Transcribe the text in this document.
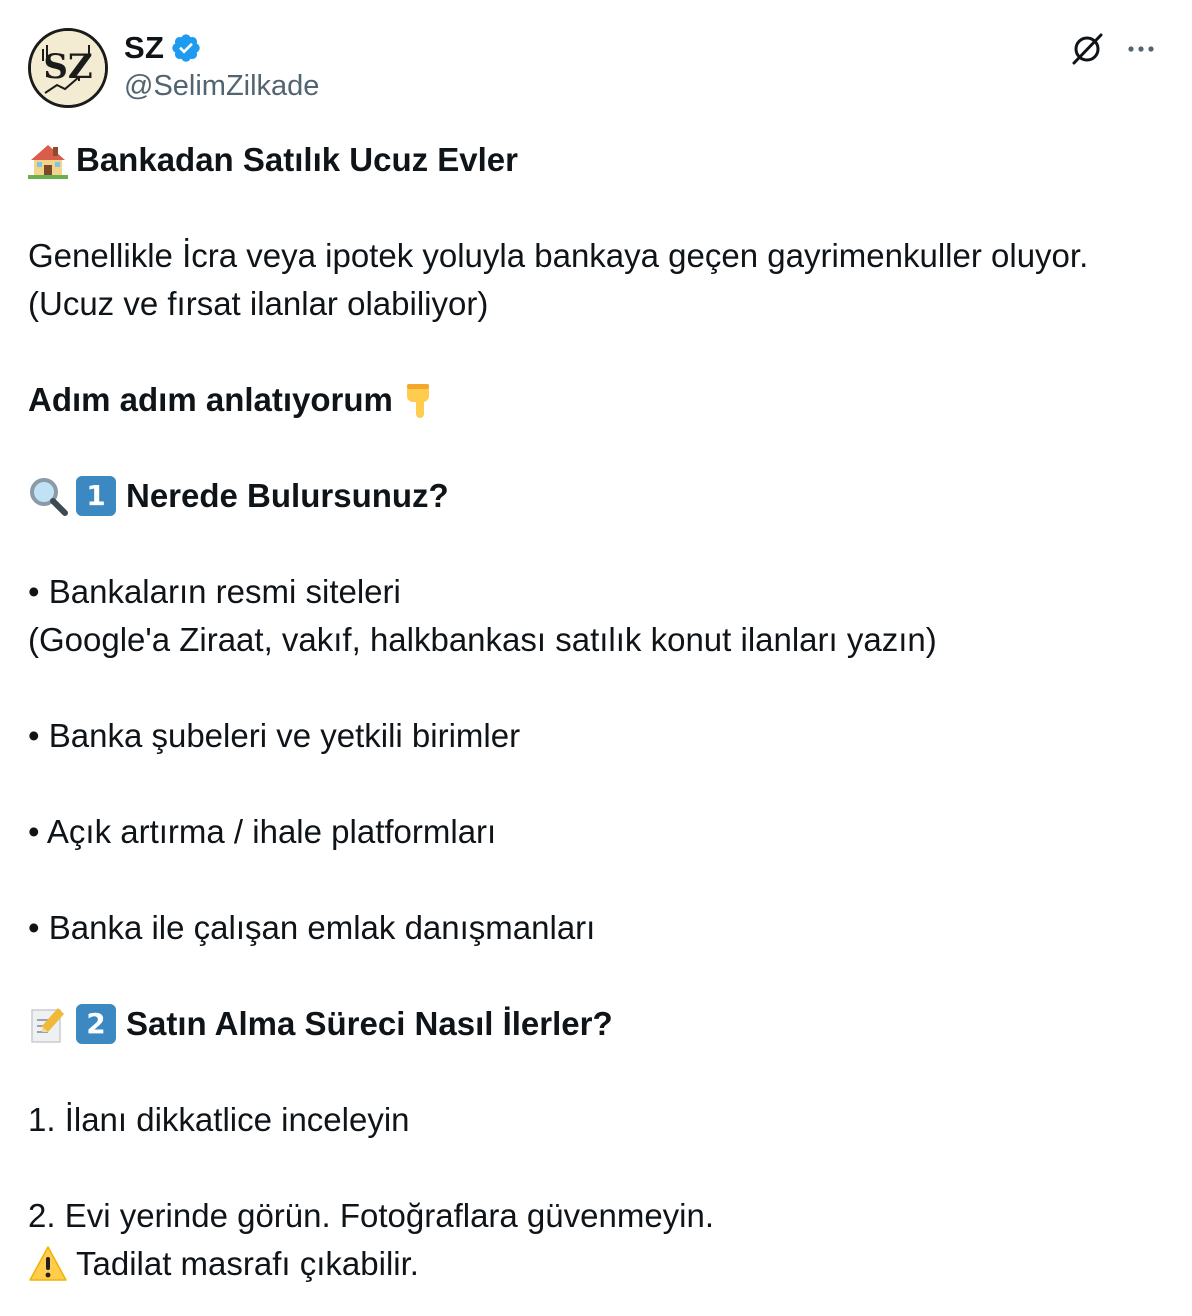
SZ SZ
@SelimZilkade
Bankadan Satılık Ucuz Evler
Genellikle İcra veya ipotek yoluyla bankaya geçen gayrimenkuller oluyor.
(Ucuz ve fırsat ilanlar olabiliyor)
Adım adım anlatıyorum
1 Nerede Bulursunuz?
• Bankaların resmi siteleri
(Google'a Ziraat, vakıf, halkbankası satılık konut ilanları yazın)
• Banka şubeleri ve yetkili birimler
• Açık artırma / ihale platformları
• Banka ile çalışan emlak danışmanları
2 Satın Alma Süreci Nasıl İlerler?
1. İlanı dikkatlice inceleyin
2. Evi yerinde görün. Fotoğraflara güvenmeyin.
Tadilat masrafı çıkabilir.
